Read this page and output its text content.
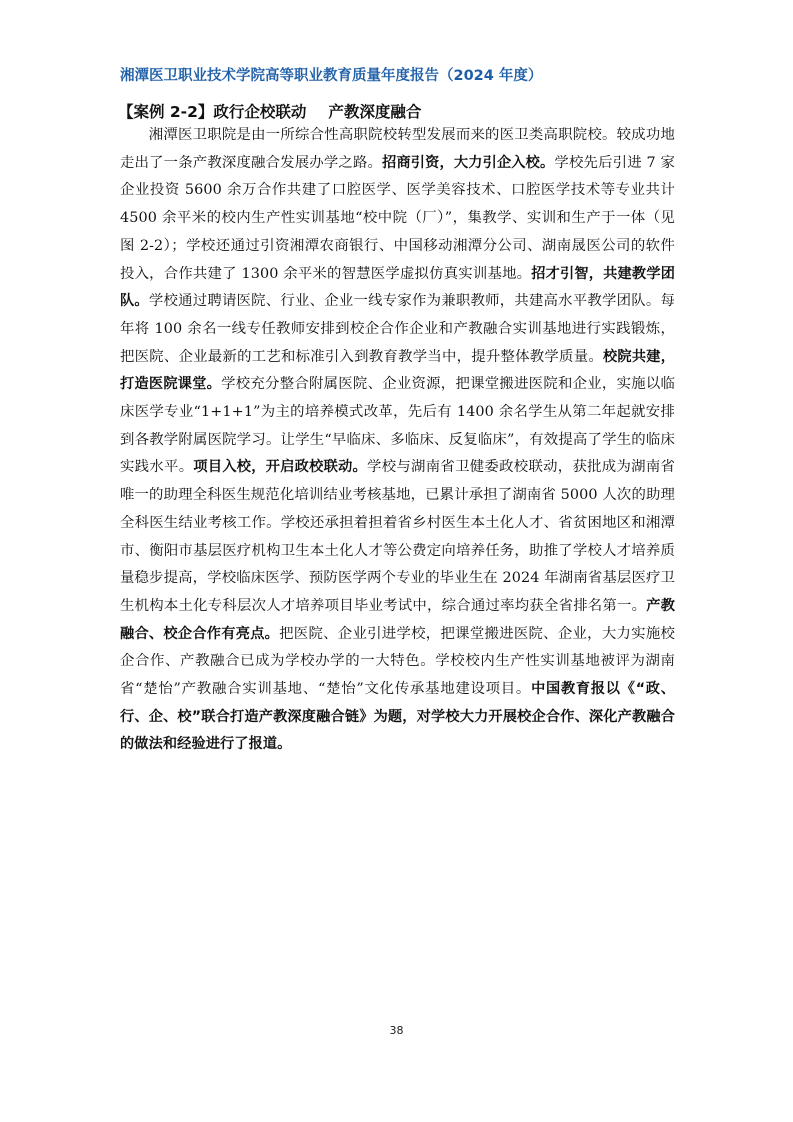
湘潭医卫职业技术学院高等职业教育质量年度报告（2024 年度）
【案例 2-2】政行企校联动 产教深度融合

湘潭医卫职院是由一所综合性高职院校转型发展而来的医卫类高职院校。较成功地走出了一条产教深度融合发展办学之路。招商引资，大力引企入校。学校先后引进 7 家企业投资 5600 余万合作共建了口腔医学、医学美容技术、口腔医学技术等专业共计 4500 余平米的校内生产性实训基地“校中院（厂）”，集教学、实训和生产于一体（见图 2-2）；学校还通过引资湘潭农商银行、中国移动湘潭分公司、湖南晟医公司的软件投入，合作共建了 1300 余平米的智慧医学虚拟仿真实训基地。招才引智，共建教学团队。学校通过聘请医院、行业、企业一线专家作为兼职教师，共建高水平教学团队。每年将 100 余名一线专任教师安排到校企合作企业和产教融合实训基地进行实践锻炼，把医院、企业最新的工艺和标准引入到教育教学当中，提升整体教学质量。校院共建，打造医院课堂。学校充分整合附属医院、企业资源，把课堂搬进医院和企业，实施以临床医学专业“1+1+1”为主的培养模式改革，先后有 1400 余名学生从第二年起就安排到各教学附属医院学习。让学生“早临床、多临床、反复临床”，有效提高了学生的临床实践水平。项目入校，开启政校联动。学校与湖南省卫健委政校联动，获批成为湖南省唯一的助理全科医生规范化培训结业考核基地，已累计承担了湖南省 5000 人次的助理全科医生结业考核工作。学校还承担着担着省乡村医生本土化人才、省贫困地区和湘潭市、衡阳市基层医疗机构卫生本土化人才等公费定向培养任务，助推了学校人才培养质量稳步提高，学校临床医学、预防医学两个专业的毕业生在 2024 年湖南省基层医疗卫生机构本土化专科层次人才培养项目毕业考试中，综合通过率均获全省排名第一。产教融合、校企合作有亮点。把医院、企业引进学校，把课堂搬进医院、企业，大力实施校企合作、产教融合已成为学校办学的一大特色。学校校内生产性实训基地被评为湖南省“楚怡”产教融合实训基地、“楚怡”文化传承基地建设项目。中国教育报以《“政、行、企、校”联合打造产教深度融合链》为题，对学校大力开展校企合作、深化产教融合的做法和经验进行了报道。

38
